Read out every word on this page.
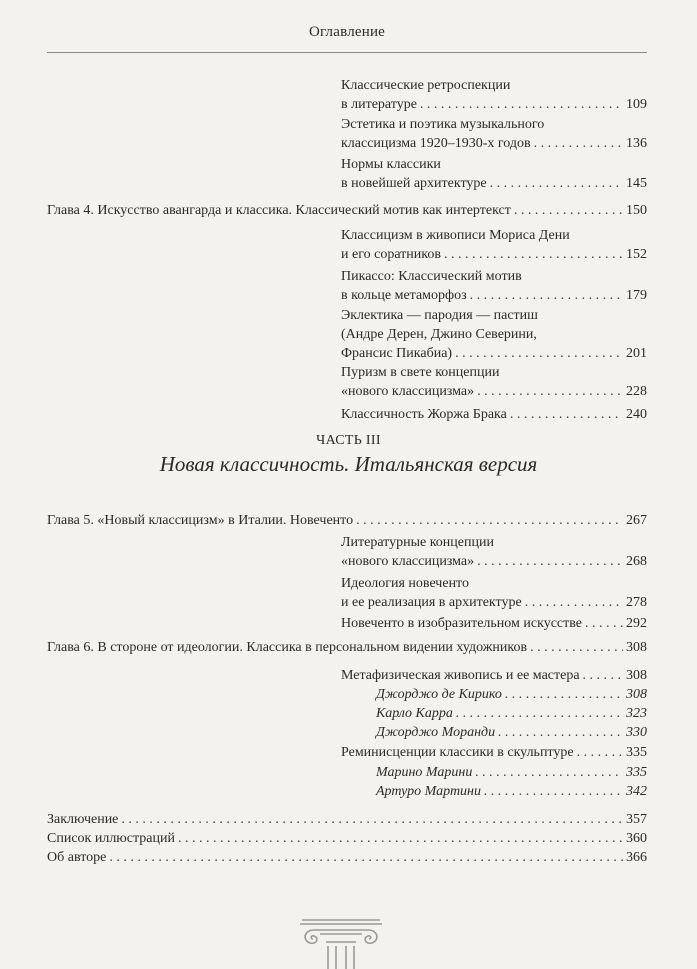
Оглавление
Классические ретроспекции
в литературе . . .	109
Эстетика и поэтика музыкального
классицизма 1920–1930-х годов . . .	136
Нормы классики
в новейшей архитектуре . . .	145
Глава 4. Искусство авангарда и классика. Классический мотив как интертекст . . .	150
Классицизм в живописи Мориса Дени
и его соратников . . .	152
Пикассо: Классический мотив
в кольце метаморфоз . . .	179
Эклектика — пародия — пастиш
(Андре Дерен, Джино Северини,
Франсис Пикабиа) . . .	201
Пуризм в свете концепции
«нового классицизма» . . .	228
Классичность Жоржа Брака . . .	240
ЧАСТЬ III
Новая классичность. Итальянская версия
Глава 5. «Новый классицизм» в Италии. Новеченто . . .	267
Литературные концепции
«нового классицизма» . . .	268
Идеология новеченто
и ее реализация в архитектуре . . .	278
Новеченто в изобразительном искусстве . . .	292
Глава 6. В стороне от идеологии. Классика в персональном видении художников . . .	308
Метафизическая живопись и ее мастера . . .	308
Джорджо де Кирико . . .	308
Карло Карра . . .	323
Джорджо Моранди . . .	330
Реминисценции классики в скульптуре . . .	335
Марино Марини . . .	335
Артуро Мартини . . .	342
Заключение . . .	357
Список иллюстраций . . .	360
Об авторе . . .	366
